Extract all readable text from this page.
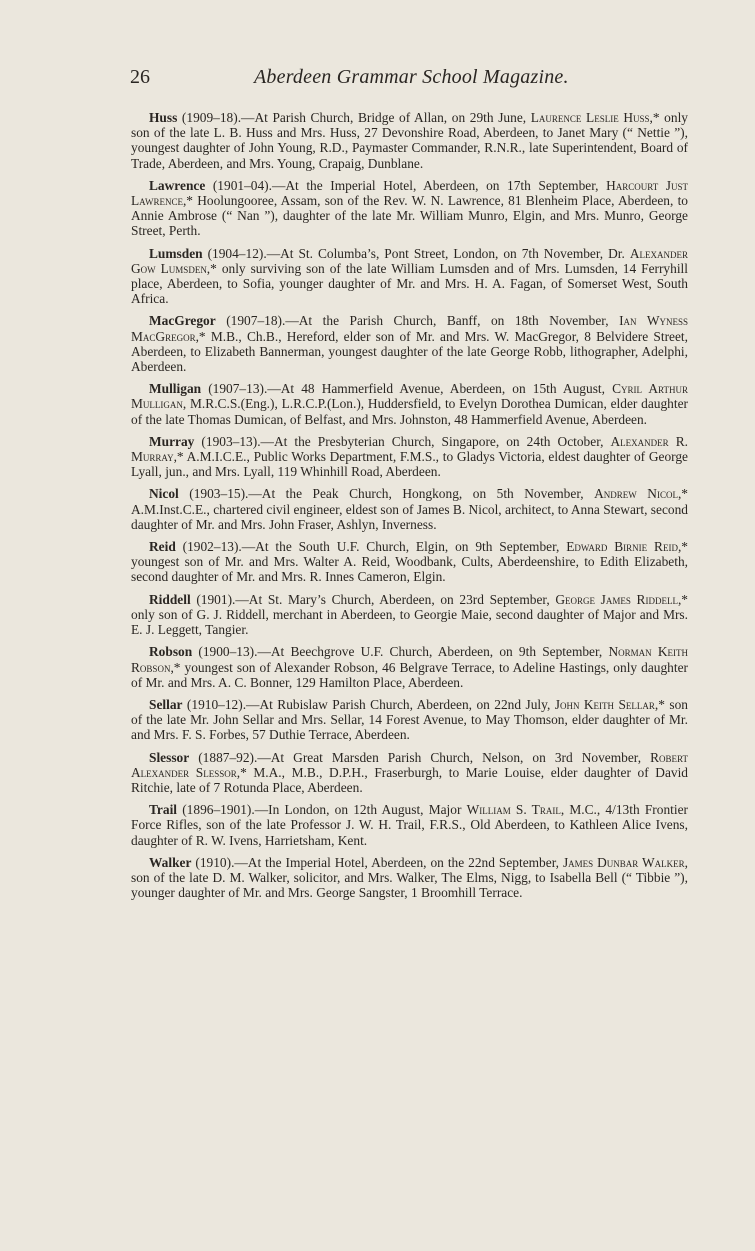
26	Aberdeen Grammar School Magazine.

Huss (1909–18).—At Parish Church, Bridge of Allan, on 29th June, Laurence Leslie Huss,* only son of the late L. B. Huss and Mrs. Huss, 27 Devonshire Road, Aberdeen, to Janet Mary (“ Nettie ”), youngest daughter of John Young, R.D., Paymaster Commander, R.N.R., late Superintendent, Board of Trade, Aberdeen, and Mrs. Young, Crapaig, Dunblane.

Lawrence (1901–04).—At the Imperial Hotel, Aberdeen, on 17th September, Harcourt Just Lawrence,* Hoolungooree, Assam, son of the Rev. W. N. Lawrence, 81 Blenheim Place, Aberdeen, to Annie Ambrose (“ Nan ”), daughter of the late Mr. William Munro, Elgin, and Mrs. Munro, George Street, Perth.

Lumsden (1904–12).—At St. Columba’s, Pont Street, London, on 7th November, Dr. Alexander Gow Lumsden,* only surviving son of the late William Lumsden and of Mrs. Lumsden, 14 Ferryhill place, Aberdeen, to Sofia, younger daughter of Mr. and Mrs. H. A. Fagan, of Somerset West, South Africa.

MacGregor (1907–18).—At the Parish Church, Banff, on 18th November, Ian Wyness MacGregor,* M.B., Ch.B., Hereford, elder son of Mr. and Mrs. W. MacGregor, 8 Belvidere Street, Aberdeen, to Elizabeth Bannerman, youngest daughter of the late George Robb, lithographer, Adelphi, Aberdeen.

Mulligan (1907–13).—At 48 Hammerfield Avenue, Aberdeen, on 15th August, Cyril Arthur Mulligan, M.R.C.S.(Eng.), L.R.C.P.(Lon.), Huddersfield, to Evelyn Dorothea Dumican, elder daughter of the late Thomas Dumican, of Belfast, and Mrs. Johnston, 48 Hammerfield Avenue, Aberdeen.

Murray (1903–13).—At the Presbyterian Church, Singapore, on 24th October, Alexander R. Murray,* A.M.I.C.E., Public Works Department, F.M.S., to Gladys Victoria, eldest daughter of George Lyall, jun., and Mrs. Lyall, 119 Whinhill Road, Aberdeen.

Nicol (1903–15).—At the Peak Church, Hongkong, on 5th November, Andrew Nicol,* A.M.Inst.C.E., chartered civil engineer, eldest son of James B. Nicol, architect, to Anna Stewart, second daughter of Mr. and Mrs. John Fraser, Ashlyn, Inverness.

Reid (1902–13).—At the South U.F. Church, Elgin, on 9th September, Edward Birnie Reid,* youngest son of Mr. and Mrs. Walter A. Reid, Woodbank, Cults, Aberdeenshire, to Edith Elizabeth, second daughter of Mr. and Mrs. R. Innes Cameron, Elgin.

Riddell (1901).—At St. Mary’s Church, Aberdeen, on 23rd September, George James Riddell,* only son of G. J. Riddell, merchant in Aberdeen, to Georgie Maie, second daughter of Major and Mrs. E. J. Leggett, Tangier.

Robson (1900–13).—At Beechgrove U.F. Church, Aberdeen, on 9th September, Norman Keith Robson,* youngest son of Alexander Robson, 46 Belgrave Terrace, to Adeline Hastings, only daughter of Mr. and Mrs. A. C. Bonner, 129 Hamilton Place, Aberdeen.

Sellar (1910–12).—At Rubislaw Parish Church, Aberdeen, on 22nd July, John Keith Sellar,* son of the late Mr. John Sellar and Mrs. Sellar, 14 Forest Avenue, to May Thomson, elder daughter of Mr. and Mrs. F. S. Forbes, 57 Duthie Terrace, Aberdeen.

Slessor (1887–92).—At Great Marsden Parish Church, Nelson, on 3rd November, Robert Alexander Slessor,* M.A., M.B., D.P.H., Fraserburgh, to Marie Louise, elder daughter of David Ritchie, late of 7 Rotunda Place, Aberdeen.

Trail (1896–1901).—In London, on 12th August, Major William S. Trail, M.C., 4/13th Frontier Force Rifles, son of the late Professor J. W. H. Trail, F.R.S., Old Aberdeen, to Kathleen Alice Ivens, daughter of R. W. Ivens, Harrietsham, Kent.

Walker (1910).—At the Imperial Hotel, Aberdeen, on the 22nd September, James Dunbar Walker, son of the late D. M. Walker, solicitor, and Mrs. Walker, The Elms, Nigg, to Isabella Bell (“ Tibbie ”), younger daughter of Mr. and Mrs. George Sangster, 1 Broomhill Terrace.
